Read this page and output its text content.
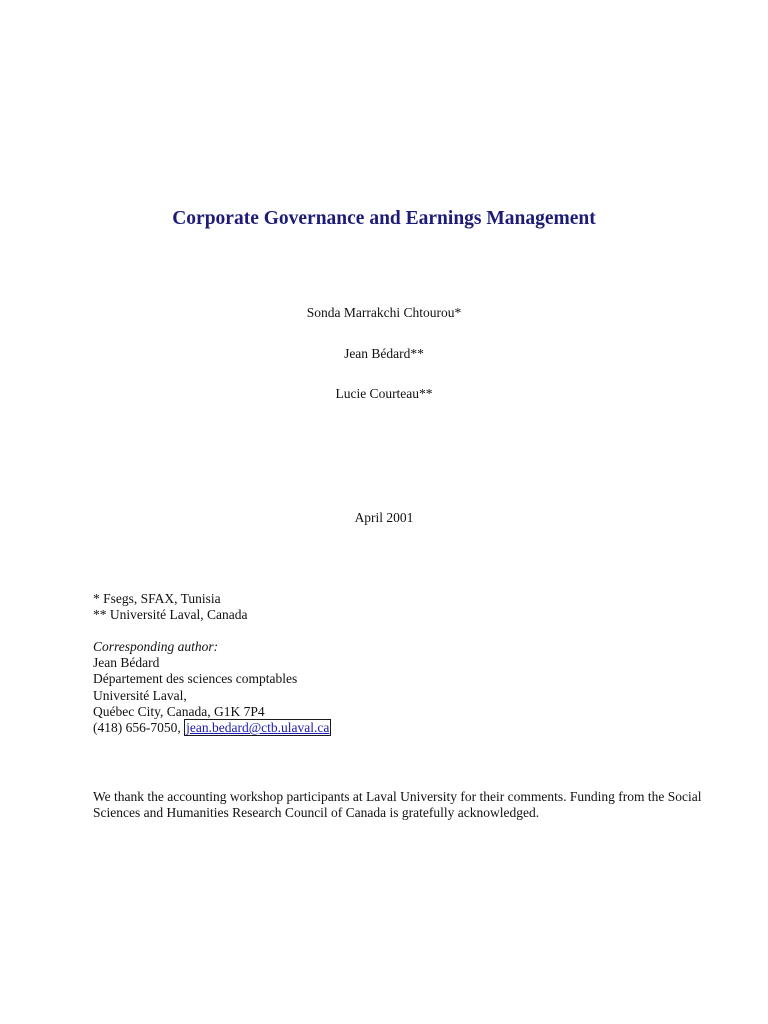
Corporate Governance and Earnings Management
Sonda Marrakchi Chtourou*
Jean Bédard**
Lucie Courteau**
April 2001
* Fsegs, SFAX, Tunisia
** Université Laval, Canada
Corresponding author:
Jean Bédard
Département des sciences comptables
Université Laval,
Québec City, Canada, G1K 7P4
(418) 656-7050, jean.bedard@ctb.ulaval.ca

We thank the accounting workshop participants at Laval University for their comments. Funding from the Social Sciences and Humanities Research Council of Canada is gratefully acknowledged.
